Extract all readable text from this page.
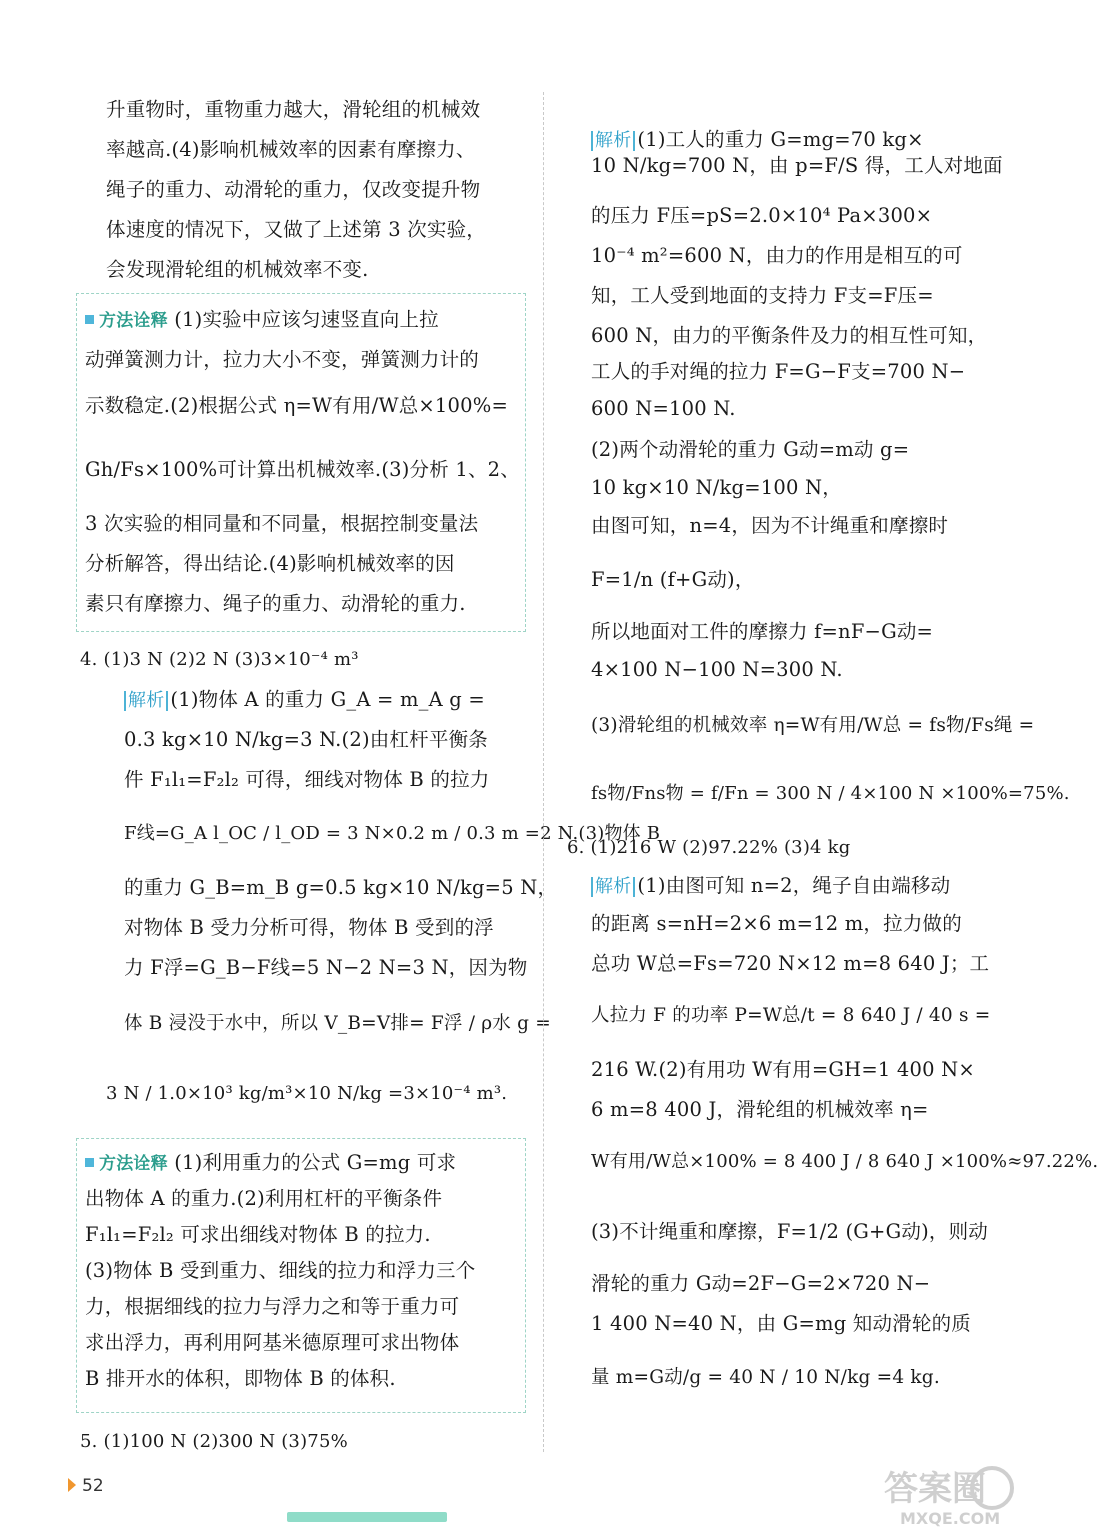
升重物时，重物重力越大，滑轮组的机械效
率越高.(4)影响机械效率的因素有摩擦力、
绳子的重力、动滑轮的重力，仅改变提升物
体速度的情况下，又做了上述第 3 次实验，
会发现滑轮组的机械效率不变.
方法诠释 (1)实验中应该匀速竖直向上拉
动弹簧测力计，拉力大小不变，弹簧测力计的
示数稳定.(2)根据公式 η=W有用/W总×100%=
Gh/Fs×100%可计算出机械效率.(3)分析 1、2、
3 次实验的相同量和不同量，根据控制变量法
分析解答，得出结论.(4)影响机械效率的因
素只有摩擦力、绳子的重力、动滑轮的重力.
4. (1)3 N (2)2 N (3)3×10⁻⁴ m³
解析 (1)物体 A 的重力 G_A = m_A g =
0.3 kg×10 N/kg=3 N.(2)由杠杆平衡条
件 F₁l₁=F₂l₂ 可得，细线对物体 B 的拉力
F线=G_A l_OC / l_OD = 3 N×0.2 m / 0.3 m =2 N.(3)物体 B
的重力 G_B=m_B g=0.5 kg×10 N/kg=5 N，
对物体 B 受力分析可得，物体 B 受到的浮
力 F浮=G_B−F线=5 N−2 N=3 N，因为物
体 B 浸没于水中，所以 V_B=V排= F浮 / ρ水 g =
3 N / 1.0×10³ kg/m³×10 N/kg =3×10⁻⁴ m³.
方法诠释 (1)利用重力的公式 G=mg 可求
出物体 A 的重力.(2)利用杠杆的平衡条件
F₁l₁=F₂l₂ 可求出细线对物体 B 的拉力.
(3)物体 B 受到重力、细线的拉力和浮力三个
力，根据细线的拉力与浮力之和等于重力可
求出浮力，再利用阿基米德原理可求出物体
B 排开水的体积，即物体 B 的体积.
5. (1)100 N (2)300 N (3)75%
解析 (1)工人的重力 G=mg=70 kg×
10 N/kg=700 N，由 p=F/S 得，工人对地面
的压力 F压=pS=2.0×10⁴ Pa×300×
10⁻⁴ m²=600 N，由力的作用是相互的可
知，工人受到地面的支持力 F支=F压=
600 N，由力的平衡条件及力的相互性可知，
工人的手对绳的拉力 F=G−F支=700 N−
600 N=100 N.
(2)两个动滑轮的重力 G动=m动 g=
10 kg×10 N/kg=100 N，
由图可知，n=4，因为不计绳重和摩擦时
F=1/n (f+G动)，
所以地面对工件的摩擦力 f=nF−G动=
4×100 N−100 N=300 N.
(3)滑轮组的机械效率 η=W有用/W总 = fs物/Fs绳 =
fs物/Fns物 = f/Fn = 300 N / 4×100 N ×100%=75%.
6. (1)216 W (2)97.22% (3)4 kg
解析 (1)由图可知 n=2，绳子自由端移动
的距离 s=nH=2×6 m=12 m，拉力做的
总功 W总=Fs=720 N×12 m=8 640 J；工
人拉力 F 的功率 P=W总/t = 8 640 J / 40 s =
216 W.(2)有用功 W有用=GH=1 400 N×
6 m=8 400 J，滑轮组的机械效率 η=
W有用/W总×100% = 8 400 J / 8 640 J ×100%≈97.22%.
(3)不计绳重和摩擦，F=1/2 (G+G动)，则动
滑轮的重力 G动=2F−G=2×720 N−
1 400 N=40 N，由 G=mg 知动滑轮的质
量 m=G动/g = 40 N / 10 N/kg =4 kg.
52	答案圈
MXQE.COM
